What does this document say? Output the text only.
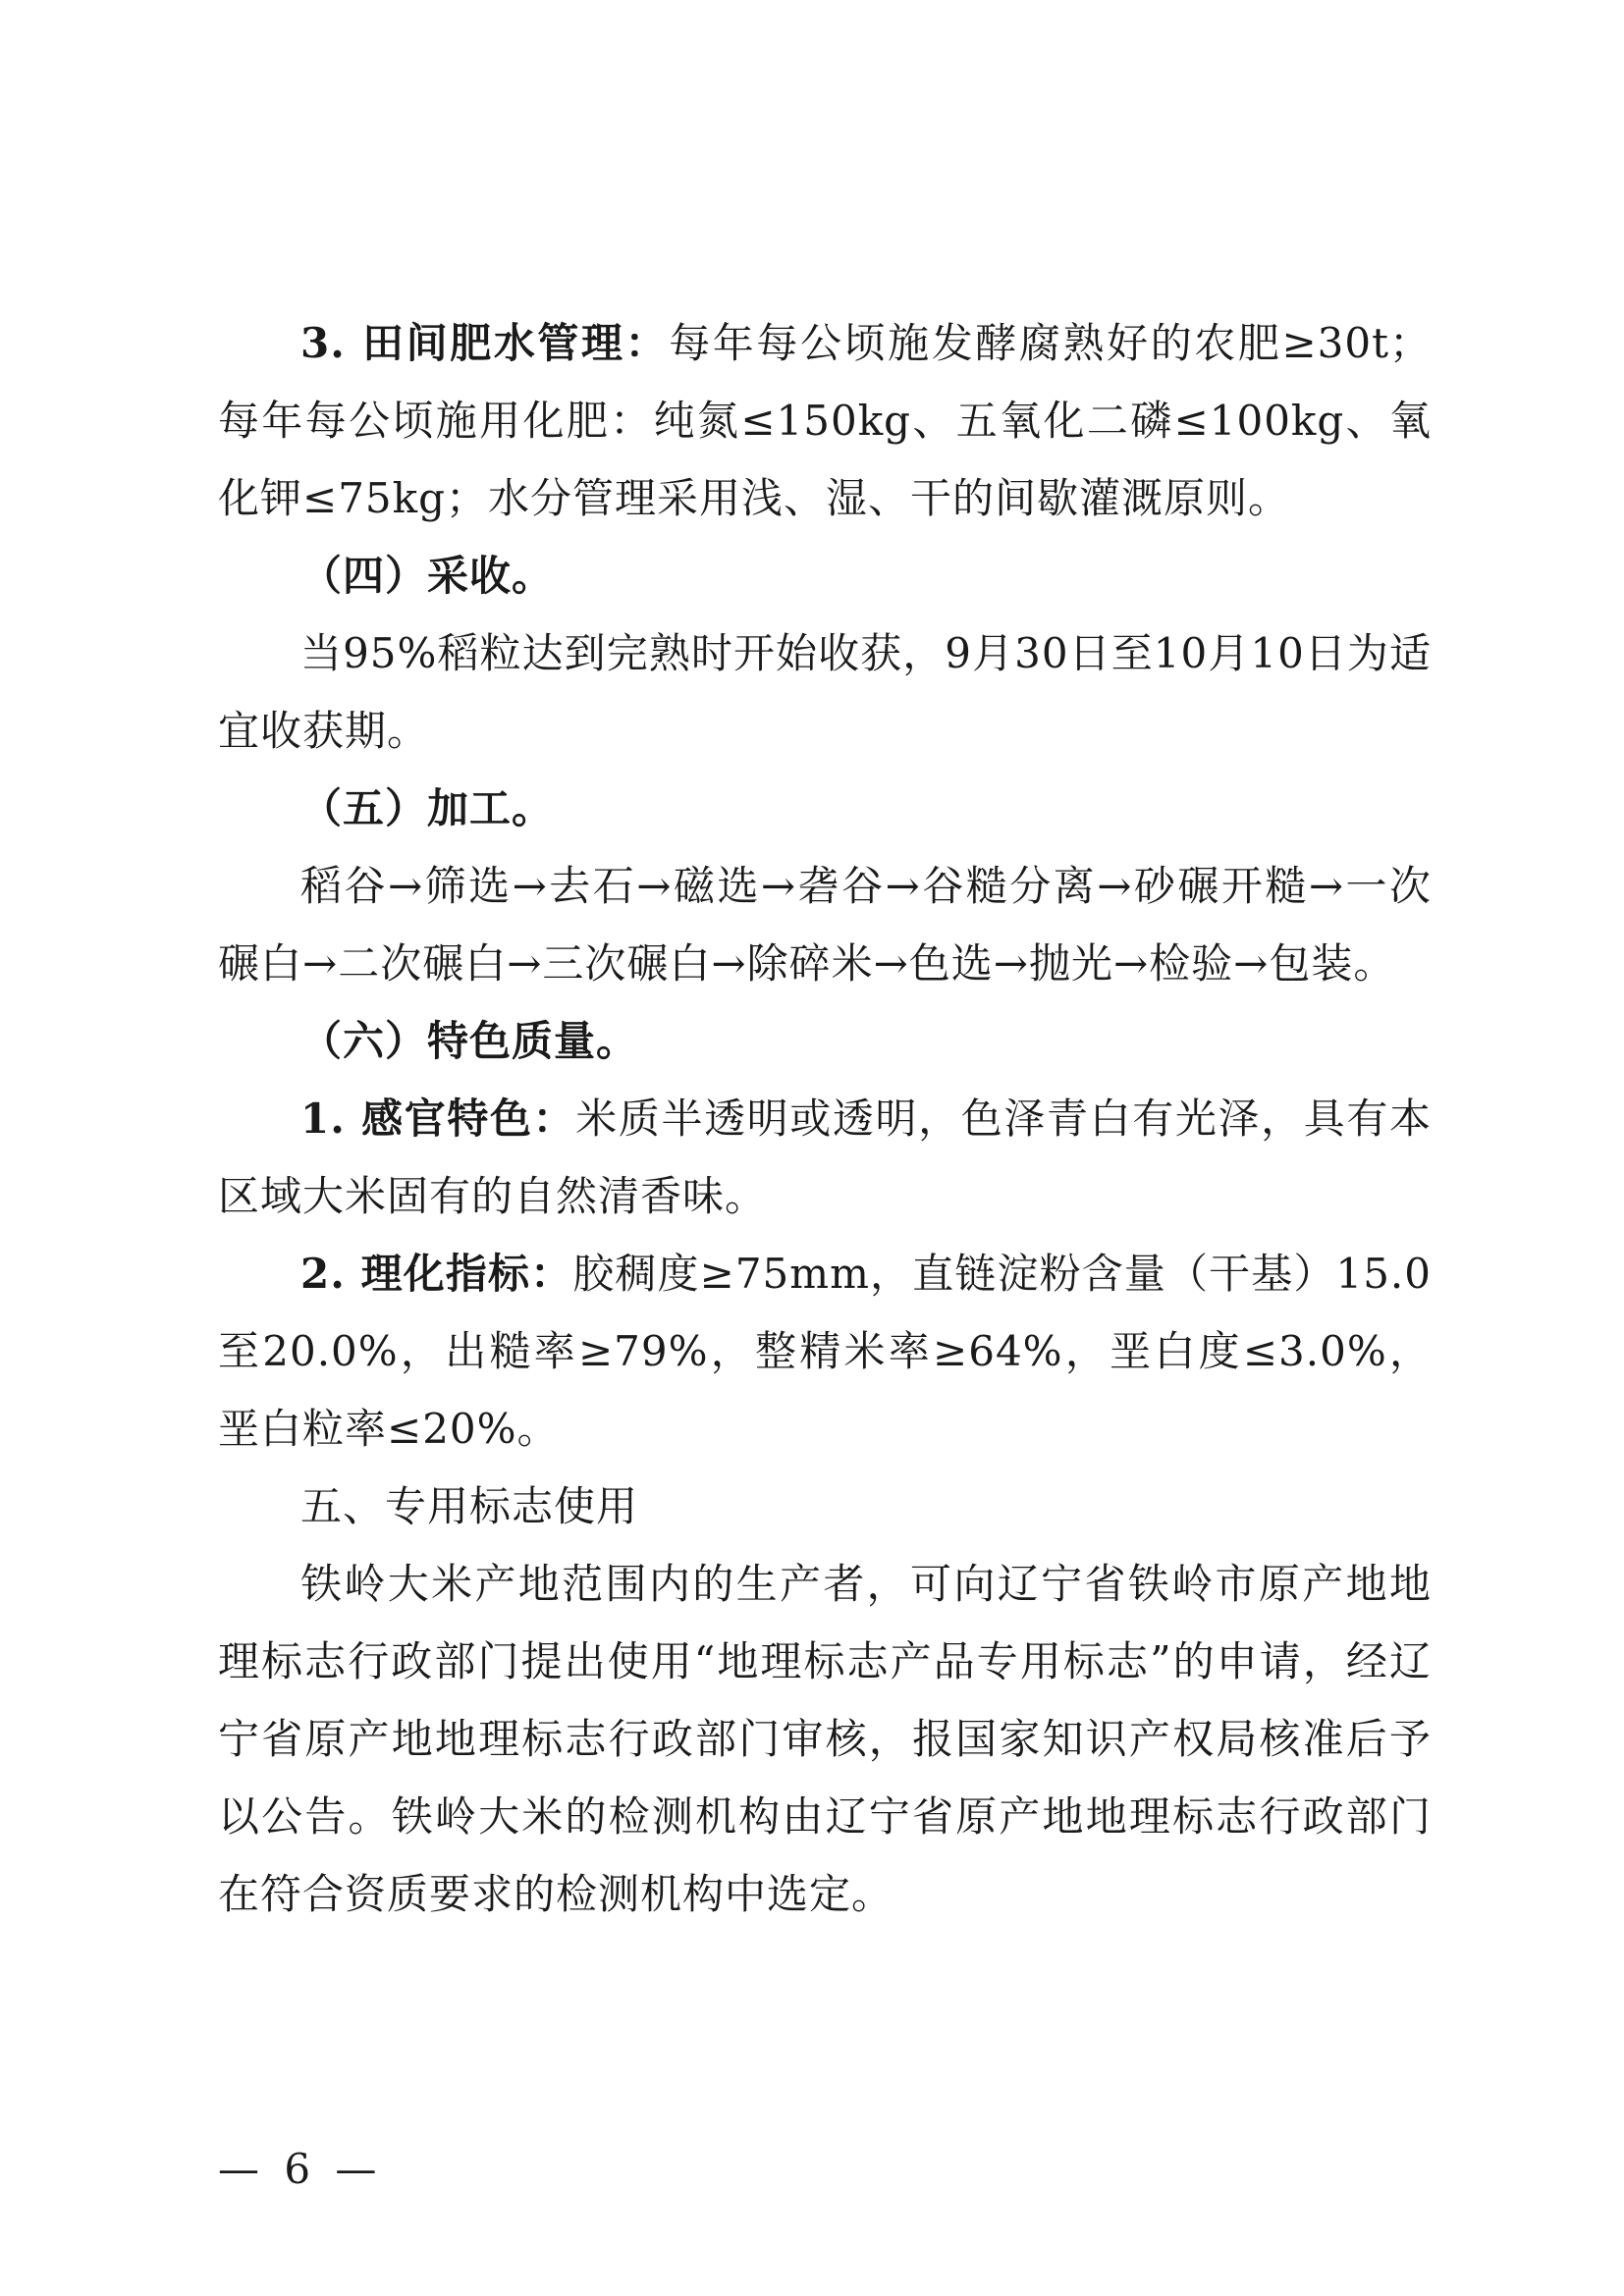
3. 田间肥水管理：每年每公顷施发酵腐熟好的农肥≥30t；每年每公顷施用化肥：纯氮≤150kg、五氧化二磷≤100kg、氧化钾≤75kg；水分管理采用浅、湿、干的间歇灌溉原则。

（四）采收。

当95%稻粒达到完熟时开始收获，9月30日至10月10日为适宜收获期。

（五）加工。

稻谷→筛选→去石→磁选→砻谷→谷糙分离→砂碾开糙→一次碾白→二次碾白→三次碾白→除碎米→色选→抛光→检验→包装。

（六）特色质量。

1. 感官特色：米质半透明或透明，色泽青白有光泽，具有本区域大米固有的自然清香味。

2. 理化指标：胶稠度≥75mm，直链淀粉含量（干基）15.0至20.0%，出糙率≥79%，整精米率≥64%，垩白度≤3.0%，垩白粒率≤20%。

五、专用标志使用

铁岭大米产地范围内的生产者，可向辽宁省铁岭市原产地地理标志行政部门提出使用“地理标志产品专用标志”的申请，经辽宁省原产地地理标志行政部门审核，报国家知识产权局核准后予以公告。铁岭大米的检测机构由辽宁省原产地地理标志行政部门在符合资质要求的检测机构中选定。

— 6 —
